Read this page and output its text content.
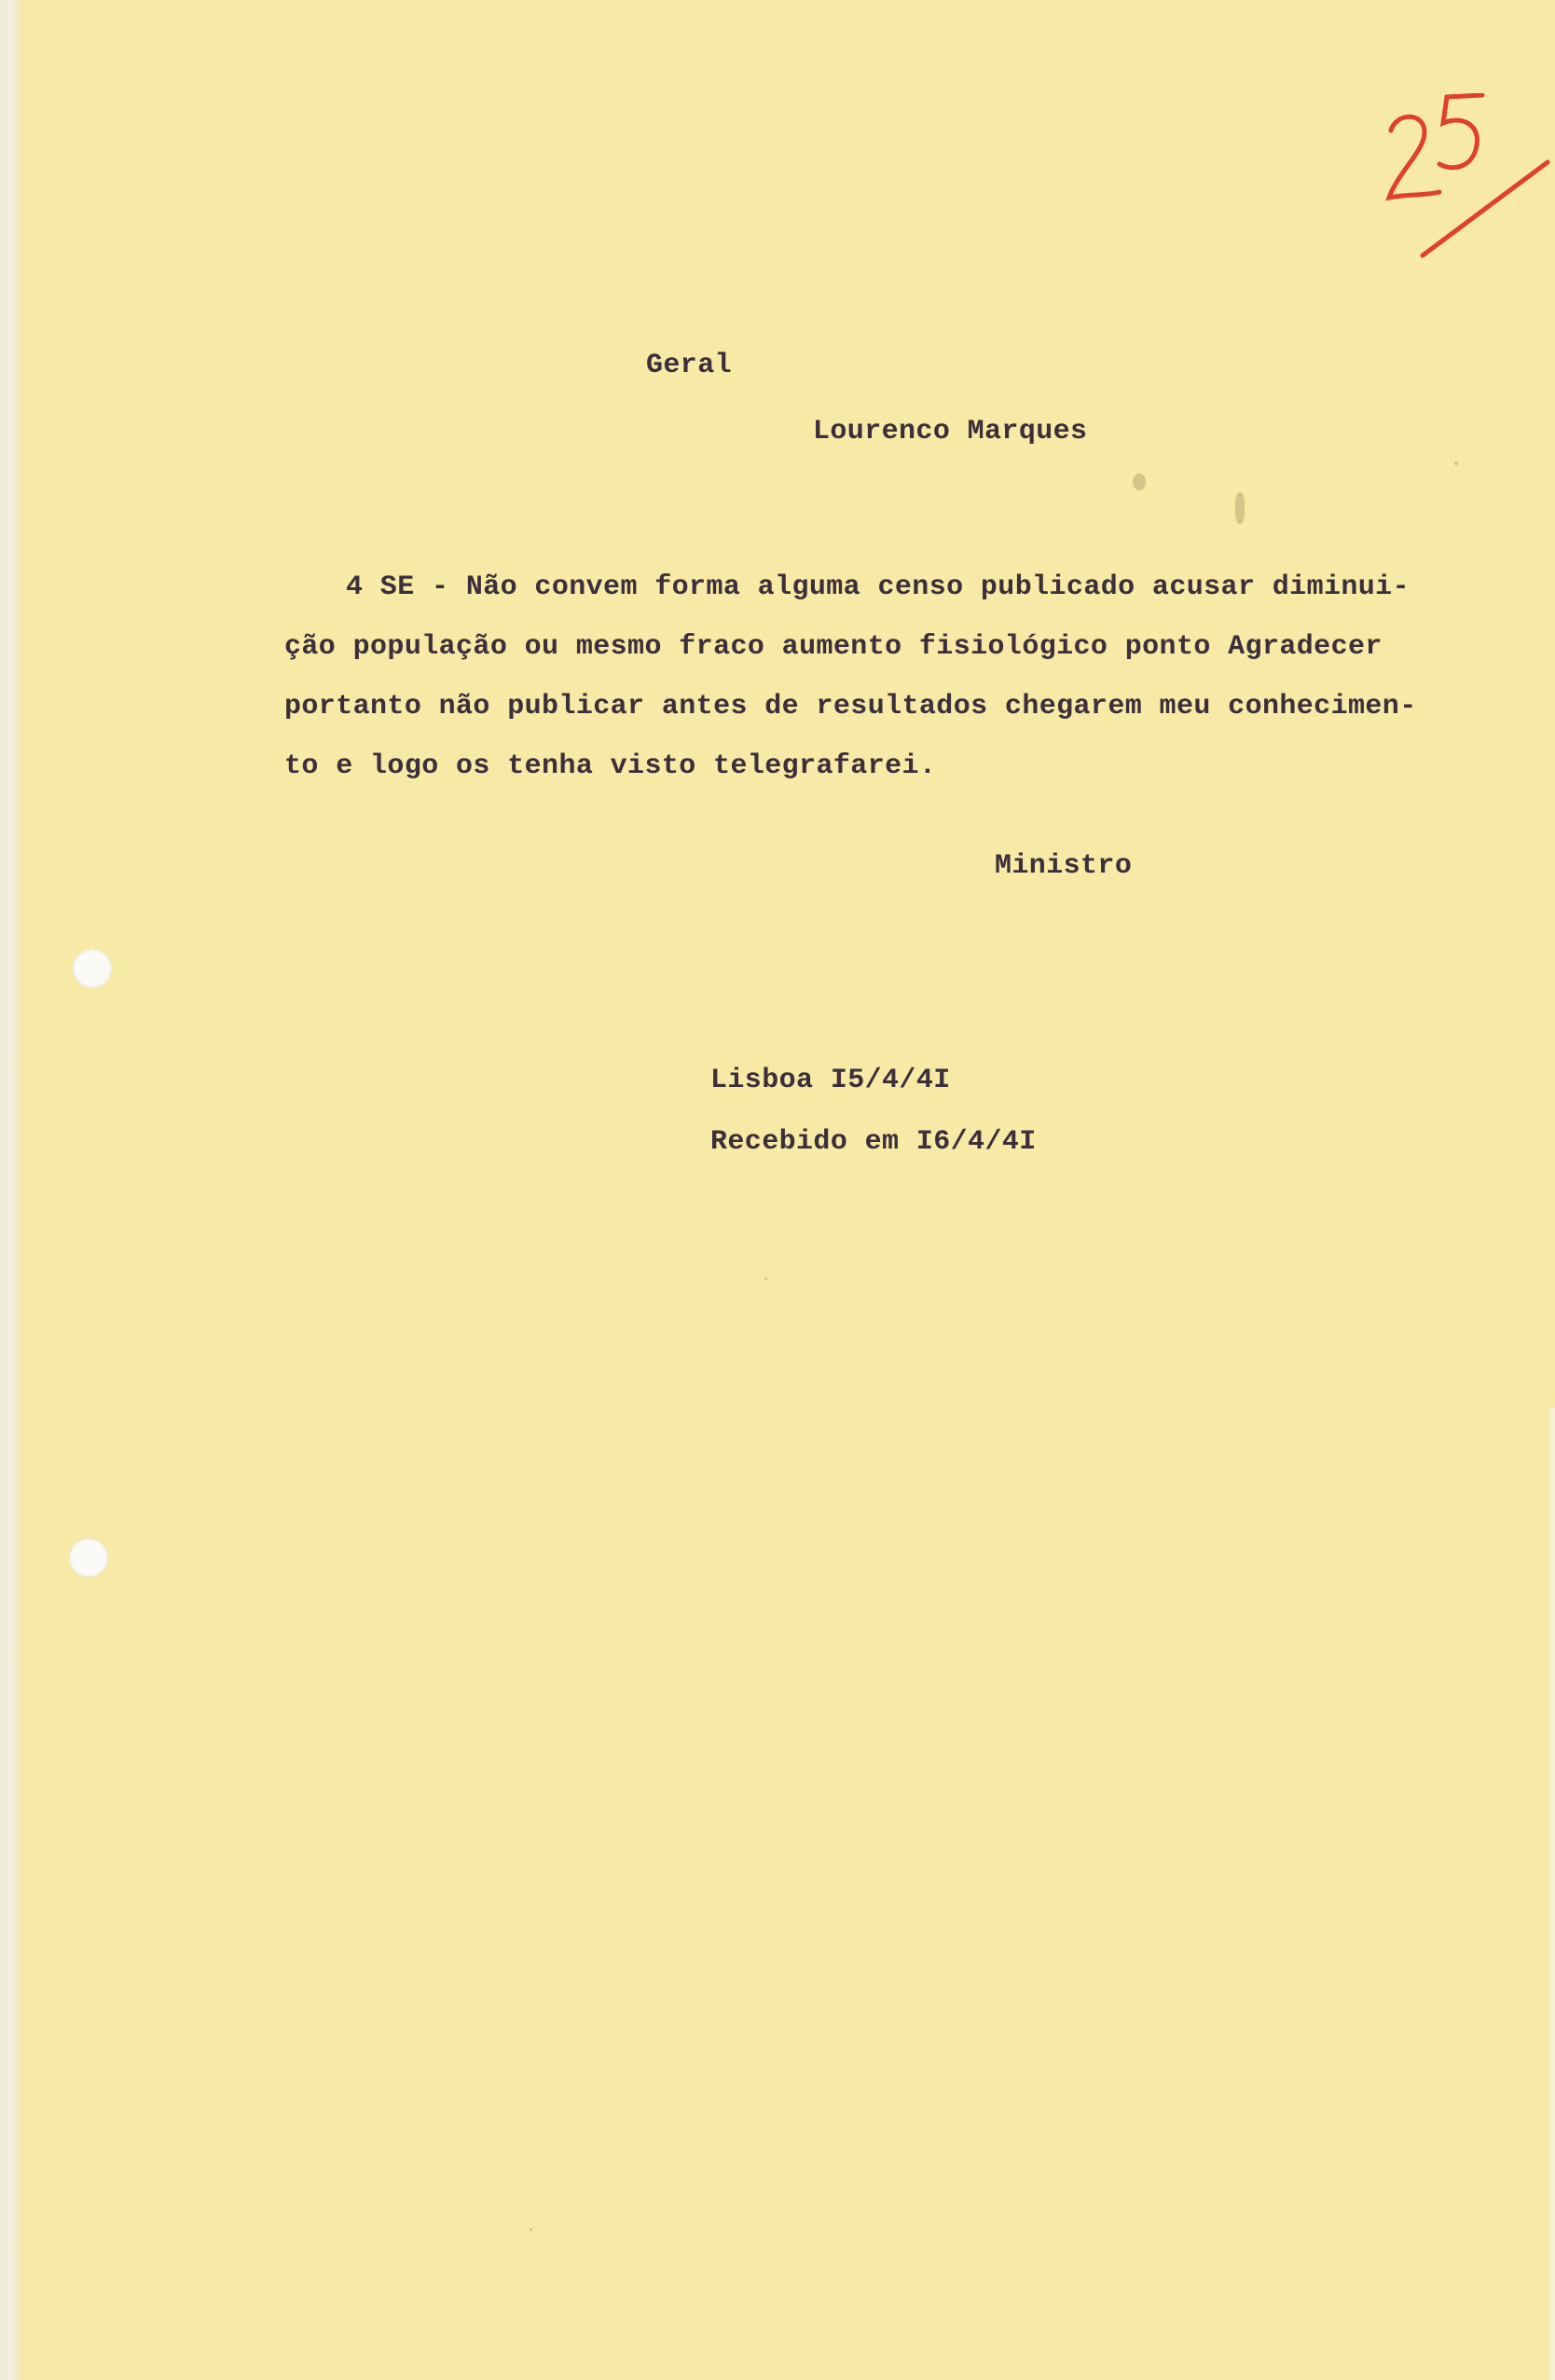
Geral

Lourenco Marques

4 SE - Não convem forma alguma censo publicado acusar diminui-
ção população ou mesmo fraco aumento fisiológico ponto Agradecer
portanto não publicar antes de resultados chegarem meu conhecimen-
to e logo os tenha visto telegrafarei.

Ministro

Lisboa I5/4/4I

Recebido em I6/4/4I
